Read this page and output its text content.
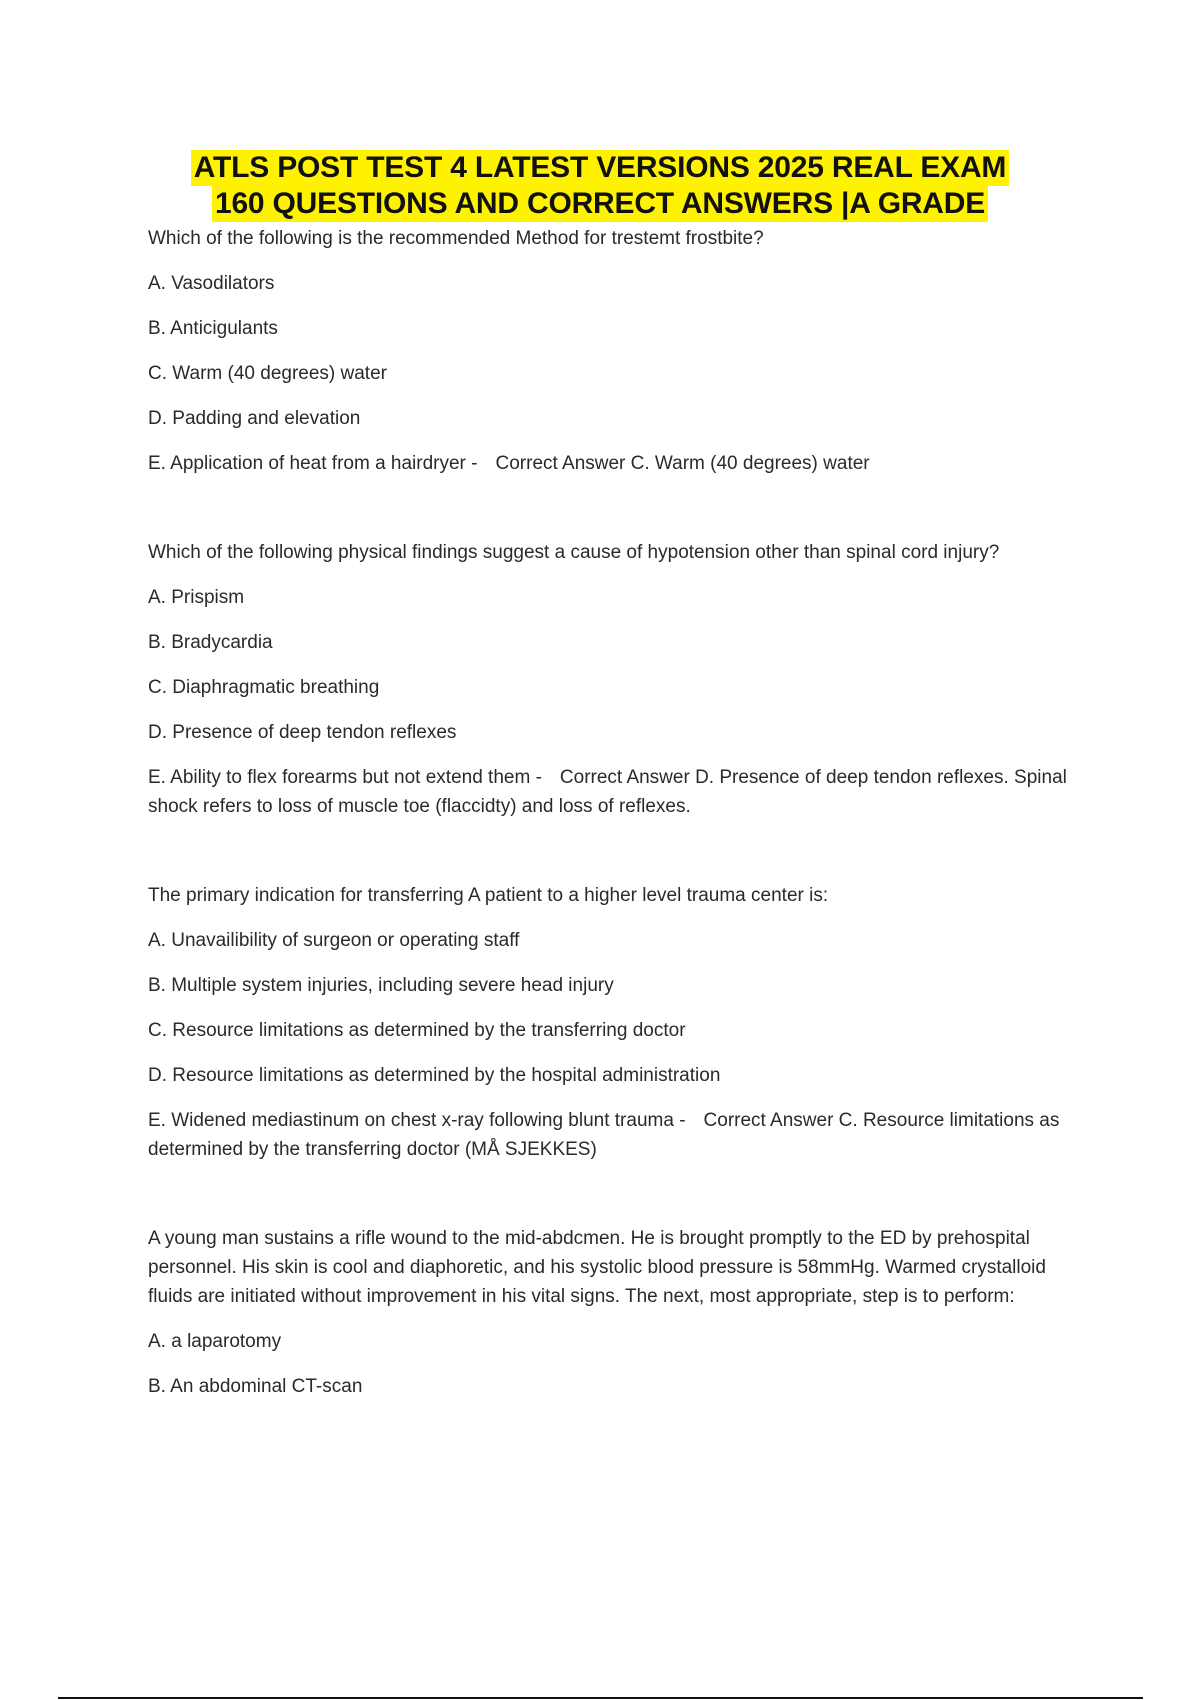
ATLS POST TEST 4 LATEST VERSIONS 2025 REAL EXAM
160 QUESTIONS AND CORRECT ANSWERS |A GRADE
Which of the following is the recommended Method for trestemt frostbite?
A. Vasodilators
B. Anticigulants
C. Warm (40 degrees) water
D. Padding and elevation
E. Application of heat from a hairdryer - Correct Answer C. Warm (40 degrees) water
Which of the following physical findings suggest a cause of hypotension other than spinal cord injury?
A. Prispism
B. Bradycardia
C. Diaphragmatic breathing
D. Presence of deep tendon reflexes
E. Ability to flex forearms but not extend them - Correct Answer D. Presence of deep tendon reflexes. Spinal shock refers to loss of muscle toe (flaccidty) and loss of reflexes.
The primary indication for transferring A patient to a higher level trauma center is:
A. Unavailibility of surgeon or operating staff
B. Multiple system injuries, including severe head injury
C. Resource limitations as determined by the transferring doctor
D. Resource limitations as determined by the hospital administration
E. Widened mediastinum on chest x-ray following blunt trauma - Correct Answer C. Resource limitations as determined by the transferring doctor (MÅ SJEKKES)
A young man sustains a rifle wound to the mid-abdcmen. He is brought promptly to the ED by prehospital personnel. His skin is cool and diaphoretic, and his systolic blood pressure is 58mmHg. Warmed crystalloid fluids are initiated without improvement in his vital signs. The next, most appropriate, step is to perform:
A. a laparotomy
B. An abdominal CT-scan
